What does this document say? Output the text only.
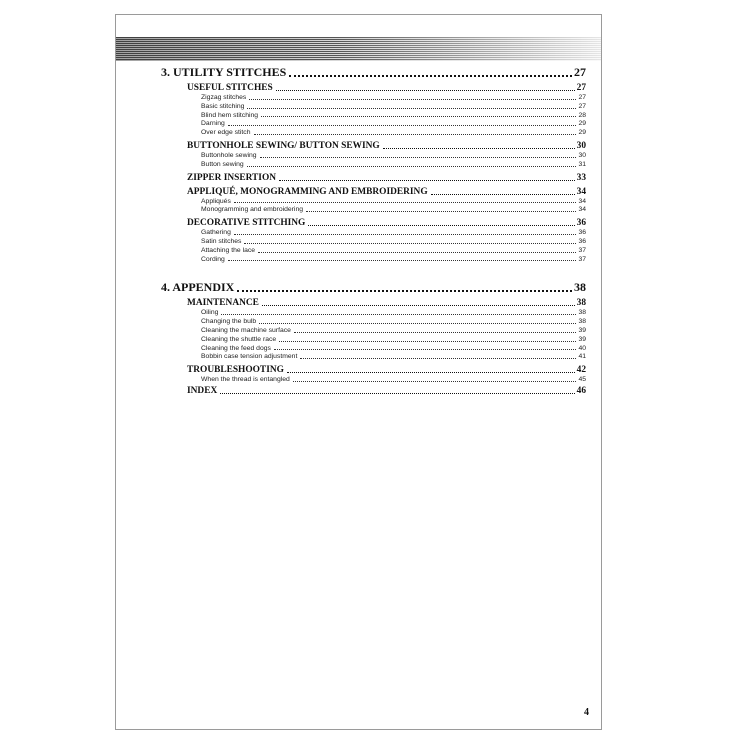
3. UTILITY STITCHES	27
USEFUL STITCHES	27
Zigzag stitches	27
Basic stitching	27
Blind hem stitching	28
Darning	29
Over edge stitch	29
BUTTONHOLE SEWING/ BUTTON SEWING	30
Buttonhole sewing	30
Button sewing	31
ZIPPER INSERTION	33
APPLIQUÉ, MONOGRAMMING AND EMBROIDERING	34
Appliqués	34
Monogramming and embroidering	34
DECORATIVE STITCHING	36
Gathering	36
Satin stitches	36
Attaching the lace	37
Cording	37
4. APPENDIX	38
MAINTENANCE	38
Oiling	38
Changing the bulb	38
Cleaning the machine surface	39
Cleaning the shuttle race	39
Cleaning the feed dogs	40
Bobbin case tension adjustment	41
TROUBLESHOOTING	42
When the thread is entangled	45
INDEX	46
4
